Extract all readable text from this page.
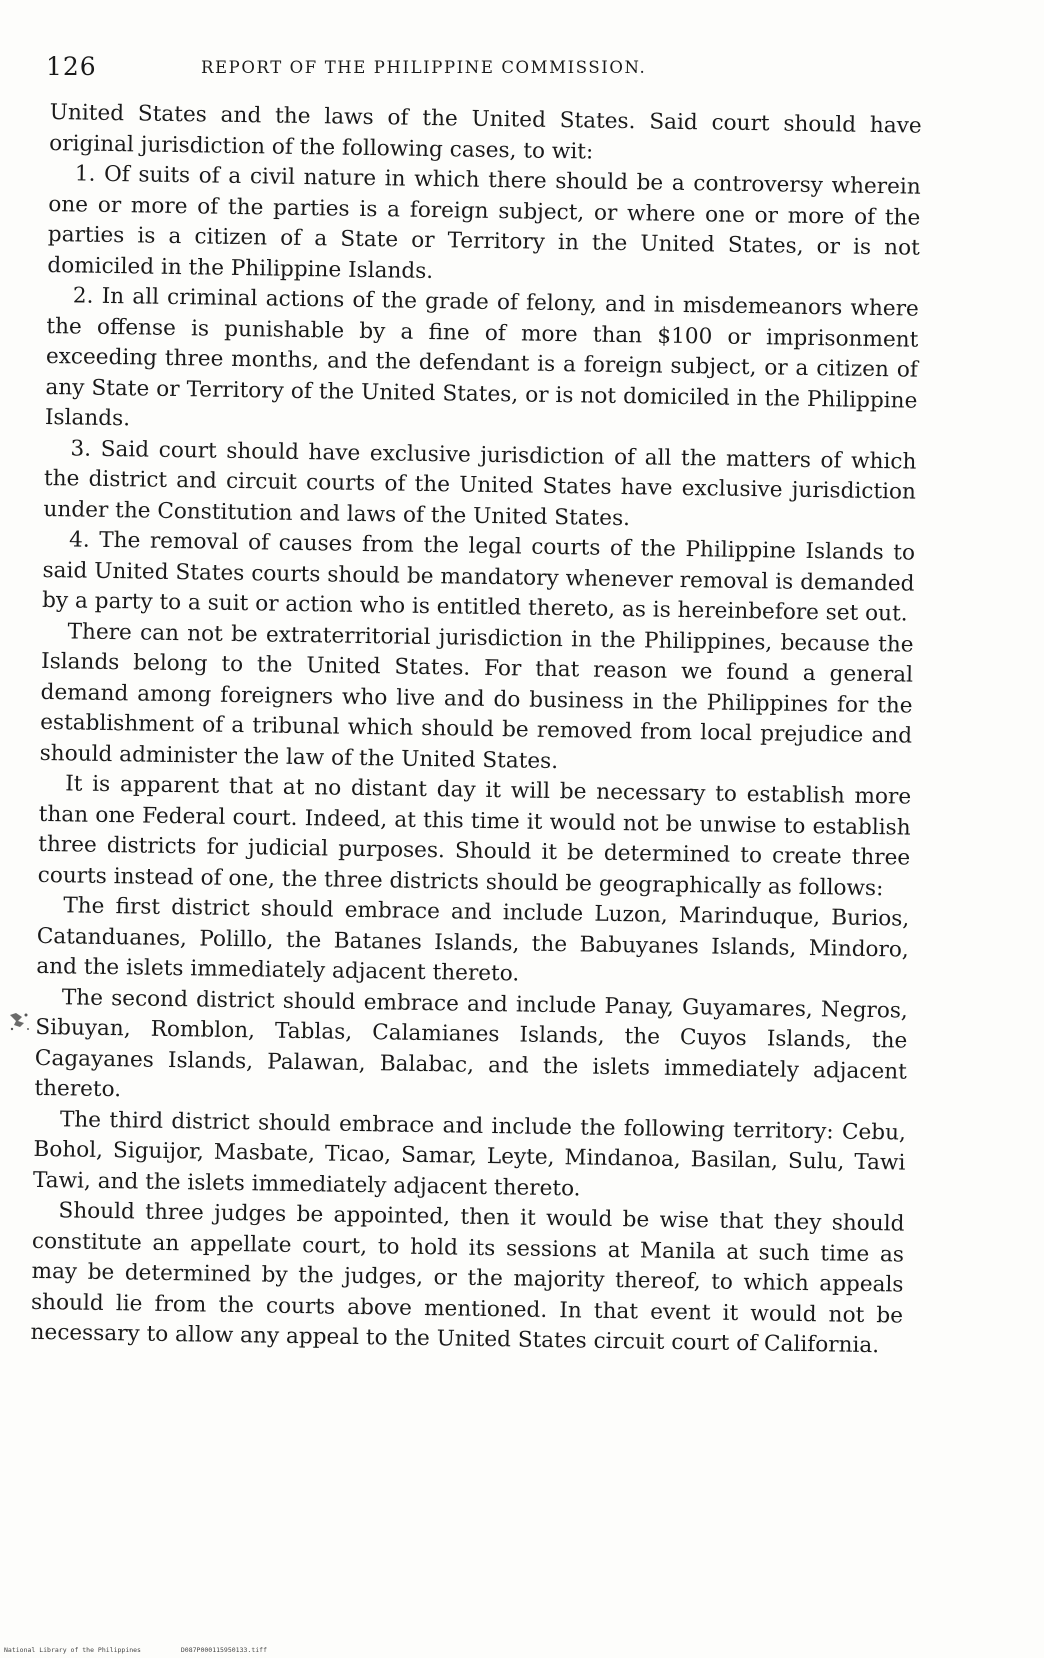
126	REPORT OF THE PHILIPPINE COMMISSION.

United States and the laws of the United States. Said court should have original jurisdiction of the following cases, to wit:

1. Of suits of a civil nature in which there should be a controversy wherein one or more of the parties is a foreign subject, or where one or more of the parties is a citizen of a State or Territory in the United States, or is not domiciled in the Philippine Islands.

2. In all criminal actions of the grade of felony, and in misdemeanors where the offense is punishable by a fine of more than $100 or imprisonment exceeding three months, and the defendant is a foreign subject, or a citizen of any State or Territory of the United States, or is not domiciled in the Philippine Islands.

3. Said court should have exclusive jurisdiction of all the matters of which the district and circuit courts of the United States have exclusive jurisdiction under the Constitution and laws of the United States.

4. The removal of causes from the legal courts of the Philippine Islands to said United States courts should be mandatory whenever removal is demanded by a party to a suit or action who is entitled thereto, as is hereinbefore set out.

There can not be extraterritorial jurisdiction in the Philippines, because the Islands belong to the United States. For that reason we found a general demand among foreigners who live and do business in the Philippines for the establishment of a tribunal which should be removed from local prejudice and should administer the law of the United States.

It is apparent that at no distant day it will be necessary to establish more than one Federal court. Indeed, at this time it would not be unwise to establish three districts for judicial purposes. Should it be determined to create three courts instead of one, the three districts should be geographically as follows:

The first district should embrace and include Luzon, Marinduque, Burios, Catanduanes, Polillo, the Batanes Islands, the Babuyanes Islands, Mindoro, and the islets immediately adjacent thereto.

The second district should embrace and include Panay, Guyamares, Negros, Sibuyan, Romblon, Tablas, Calamianes Islands, the Cuyos Islands, the Cagayanes Islands, Palawan, Balabac, and the islets immediately adjacent thereto.

The third district should embrace and include the following territory: Cebu, Bohol, Siguijor, Masbate, Ticao, Samar, Leyte, Mindanoa, Basilan, Sulu, Tawi Tawi, and the islets immediately adjacent thereto.

Should three judges be appointed, then it would be wise that they should constitute an appellate court, to hold its sessions at Manila at such time as may be determined by the judges, or the majority thereof, to which appeals should lie from the courts above mentioned. In that event it would not be necessary to allow any appeal to the United States circuit court of California.

National Library of the Philippines	D087P000115950133.tiff
